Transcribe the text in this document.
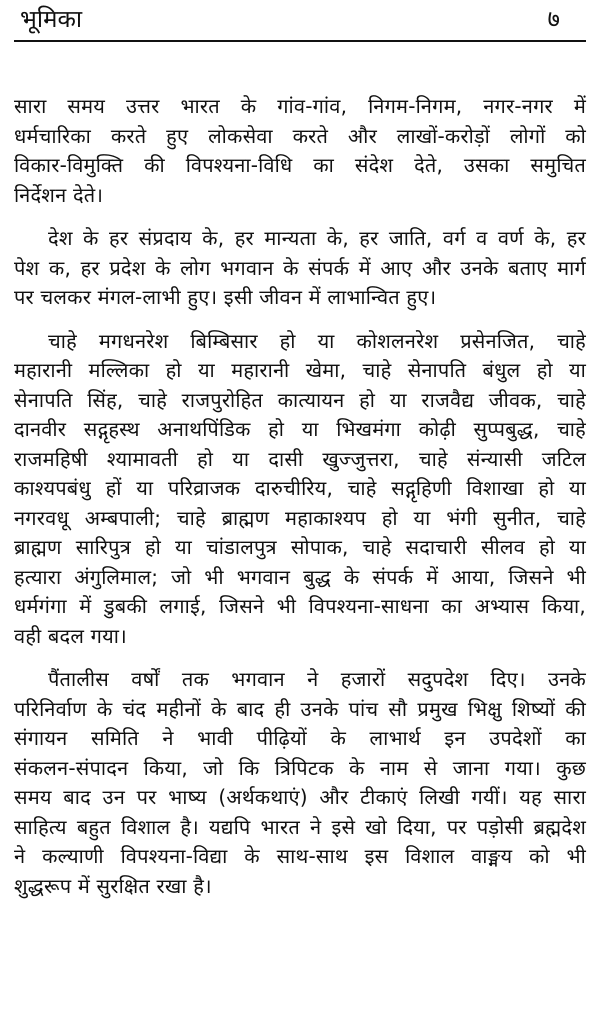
भूमिका	७
सारा समय उत्तर भारत के गांव-गांव, निगम-निगम, नगर-नगर में
धर्मचारिका करते हुए लोकसेवा करते और लाखों-करोड़ों लोगों को
विकार-विमुक्ति की विपश्यना-विधि का संदेश देते, उसका समुचित
निर्देशन देते।
देश के हर संप्रदाय के, हर मान्यता के, हर जाति, वर्ग व वर्ण के, हर
पेश क, हर प्रदेश के लोग भगवान के संपर्क में आए और उनके बताए मार्ग
पर चलकर मंगल-लाभी हुए। इसी जीवन में लाभान्वित हुए।
चाहे मगधनरेश बिम्बिसार हो या कोशलनरेश प्रसेनजित, चाहे
महारानी मल्लिका हो या महारानी खेमा, चाहे सेनापति बंधुल हो या
सेनापति सिंह, चाहे राजपुरोहित कात्यायन हो या राजवैद्य जीवक, चाहे
दानवीर सद्गृहस्थ अनाथपिंडिक हो या भिखमंगा कोढ़ी सुप्पबुद्ध, चाहे
राजमहिषी श्यामावती हो या दासी खुज्जुत्तरा, चाहे संन्यासी जटिल
काश्यपबंधु हों या परिव्राजक दारुचीरिय, चाहे सद्गृहिणी विशाखा हो या
नगरवधू अम्बपाली; चाहे ब्राह्मण महाकाश्यप हो या भंगी सुनीत, चाहे
ब्राह्मण सारिपुत्र हो या चांडालपुत्र सोपाक, चाहे सदाचारी सीलव हो या
हत्यारा अंगुलिमाल; जो भी भगवान बुद्ध के संपर्क में आया, जिसने भी
धर्मगंगा में डुबकी लगाई, जिसने भी विपश्यना-साधना का अभ्यास किया,
वही बदल गया।
पैंतालीस वर्षों तक भगवान ने हजारों सदुपदेश दिए। उनके
परिनिर्वाण के चंद महीनों के बाद ही उनके पांच सौ प्रमुख भिक्षु शिष्यों की
संगायन समिति ने भावी पीढ़ियों के लाभार्थ इन उपदेशों का
संकलन-संपादन किया, जो कि त्रिपिटक के नाम से जाना गया। कुछ
समय बाद उन पर भाष्य (अर्थकथाएं) और टीकाएं लिखी गयीं। यह सारा
साहित्य बहुत विशाल है। यद्यपि भारत ने इसे खो दिया, पर पड़ोसी ब्रह्मदेश
ने कल्याणी विपश्यना-विद्या के साथ-साथ इस विशाल वाङ्मय को भी
शुद्धरूप में सुरक्षित रखा है।
